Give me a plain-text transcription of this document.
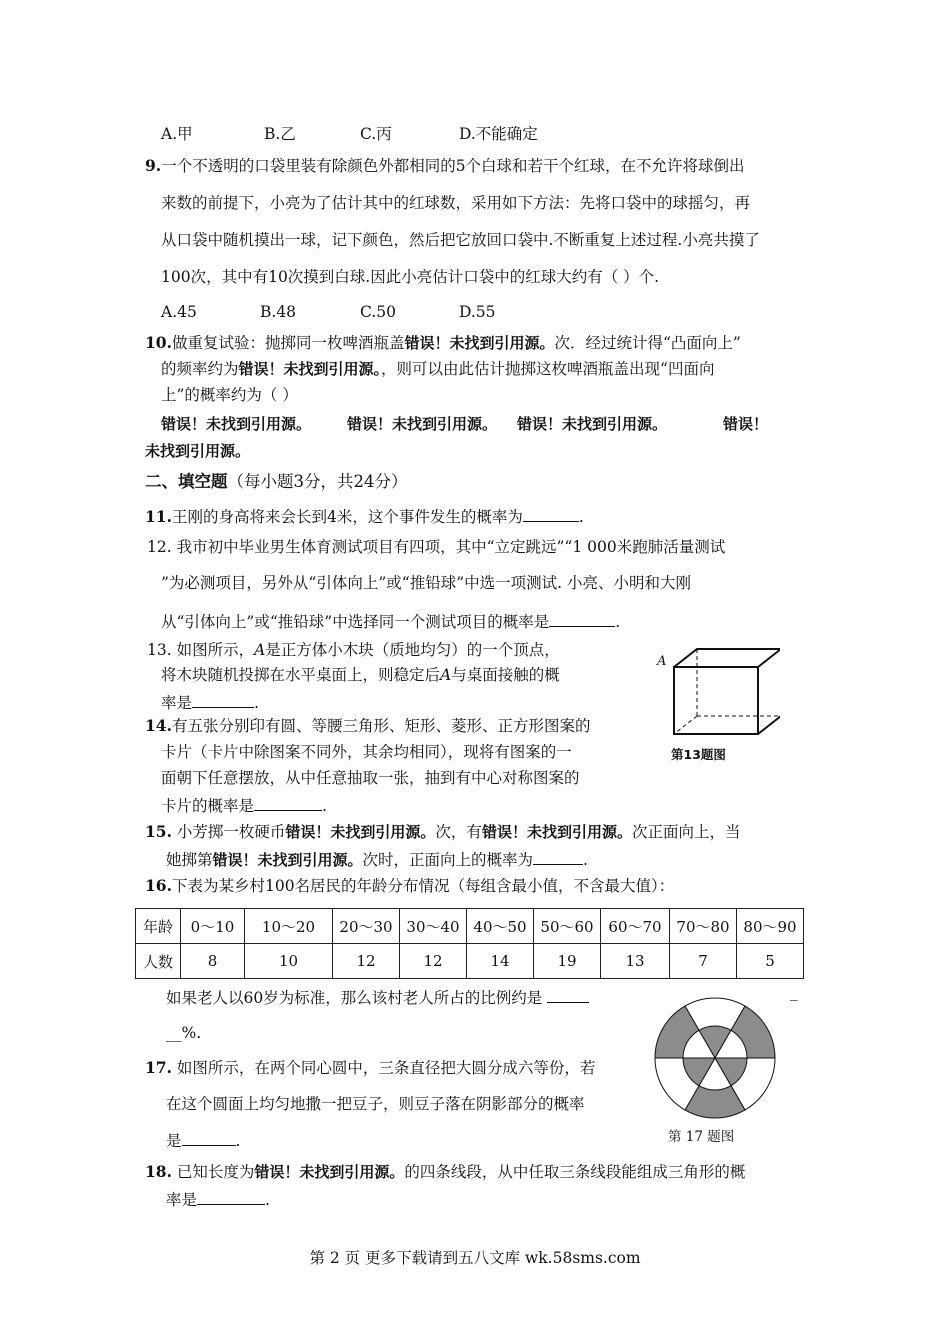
A.甲	B.乙	C.丙	D.不能确定
9.一个不透明的口袋里装有除颜色外都相同的5个白球和若干个红球，在不允许将球倒出
来数的前提下，小亮为了估计其中的红球数，采用如下方法：先将口袋中的球摇匀，再
从口袋中随机摸出一球，记下颜色，然后把它放回口袋中.不断重复上述过程.小亮共摸了
100次，其中有10次摸到白球.因此小亮估计口袋中的红球大约有（ ）个.
A.45	B.48	C.50	D.55
10.做重复试验：抛掷同一枚啤酒瓶盖错误！未找到引用源。次．经过统计得“凸面向上”
的频率约为错误！未找到引用源。，则可以由此估计抛掷这枚啤酒瓶盖出现“凹面向
上”的概率约为（ ）
错误！未找到引用源。 错误！未找到引用源。 错误！未找到引用源。	错误！
未找到引用源。
二、填空题（每小题3分，共24分）
11.王刚的身高将来会长到4米，这个事件发生的概率为	.
12. 我市初中毕业男生体育测试项目有四项，其中“立定跳远”“1 000米跑肺活量测试
”为必测项目，另外从“引体向上”或“推铅球”中选一项测试. 小亮、小明和大刚
从“引体向上”或“推铅球”中选择同一个测试项目的概率是	.
13. 如图所示，A是正方体小木块（质地均匀）的一个顶点，
将木块随机投掷在水平桌面上，则稳定后A与桌面接触的概
率是	.
A
第13题图
14.有五张分别印有圆、等腰三角形、矩形、菱形、正方形图案的
卡片（卡片中除图案不同外，其余均相同），现将有图案的一
面朝下任意摆放，从中任意抽取一张，抽到有中心对称图案的
卡片的概率是	.
15. 小芳掷一枚硬币错误！未找到引用源。次，有错误！未找到引用源。次正面向上，当
她掷第错误！未找到引用源。次时，正面向上的概率为	.
16.下表为某乡村100名居民的年龄分布情况（每组含最小值，不含最大值）：
年龄	0～10	10～20	20～30	30～40	40～50	50～60	60～70	70～80	80～90
人数	8	10	12	12	14	19	13	7	5
如果老人以60岁为标准，那么该村老人所占的比例约是	_
__%.
第 17 题图
17. 如图所示，在两个同心圆中，三条直径把大圆分成六等份，若
在这个圆面上均匀地撒一把豆子，则豆子落在阴影部分的概率
是	.
18. 已知长度为错误！未找到引用源。的四条线段，从中任取三条线段能组成三角形的概
率是	.
第 2 页 更多下载请到五八文库 wk.58sms.com
